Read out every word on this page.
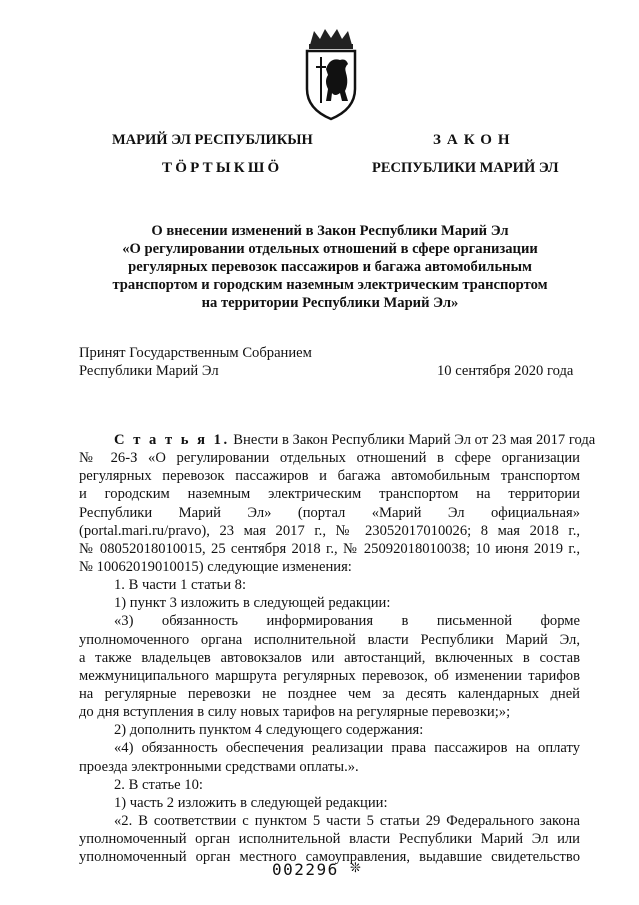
МАРИЙ ЭЛ РЕСПУБЛИКЫН
ТӦРТЫКШӦ
ЗАКОН
РЕСПУБЛИКИ МАРИЙ ЭЛ
О внесении изменений в Закон Республики Марий Эл
«О регулировании отдельных отношений в сфере организации
регулярных перевозок пассажиров и багажа автомобильным
транспортом и городским наземным электрическим транспортом
на территории Республики Марий Эл»
Принят Государственным Собранием
Республики Марий Эл	10 сентября 2020 года
С т а т ь я 1. Внести в Закон Республики Марий Эл от 23 мая 2017 года
№ 26-З «О регулировании отдельных отношений в сфере организации
регулярных перевозок пассажиров и багажа автомобильным транспортом
и городским наземным электрическим транспортом на территории
Республики Марий Эл» (портал «Марий Эл официальная»
(portal.mari.ru/pravo), 23 мая 2017 г., № 23052017010026; 8 мая 2018 г.,
№ 08052018010015, 25 сентября 2018 г., № 25092018010038; 10 июня 2019 г.,
№ 10062019010015) следующие изменения:
1. В части 1 статьи 8:
1) пункт 3 изложить в следующей редакции:
«3) обязанность информирования в письменной форме
уполномоченного органа исполнительной власти Республики Марий Эл,
а также владельцев автовокзалов или автостанций, включенных в состав
межмуниципального маршрута регулярных перевозок, об изменении тарифов
на регулярные перевозки не позднее чем за десять календарных дней
до дня вступления в силу новых тарифов на регулярные перевозки;»;
2) дополнить пунктом 4 следующего содержания:
«4) обязанность обеспечения реализации права пассажиров на оплату
проезда электронными средствами оплаты.».
2. В статье 10:
1) часть 2 изложить в следующей редакции:
«2. В соответствии с пунктом 5 части 5 статьи 29 Федерального закона
уполномоченный орган исполнительной власти Республики Марий Эл или
уполномоченный орган местного самоуправления, выдавшие свидетельство
002296 ❊
